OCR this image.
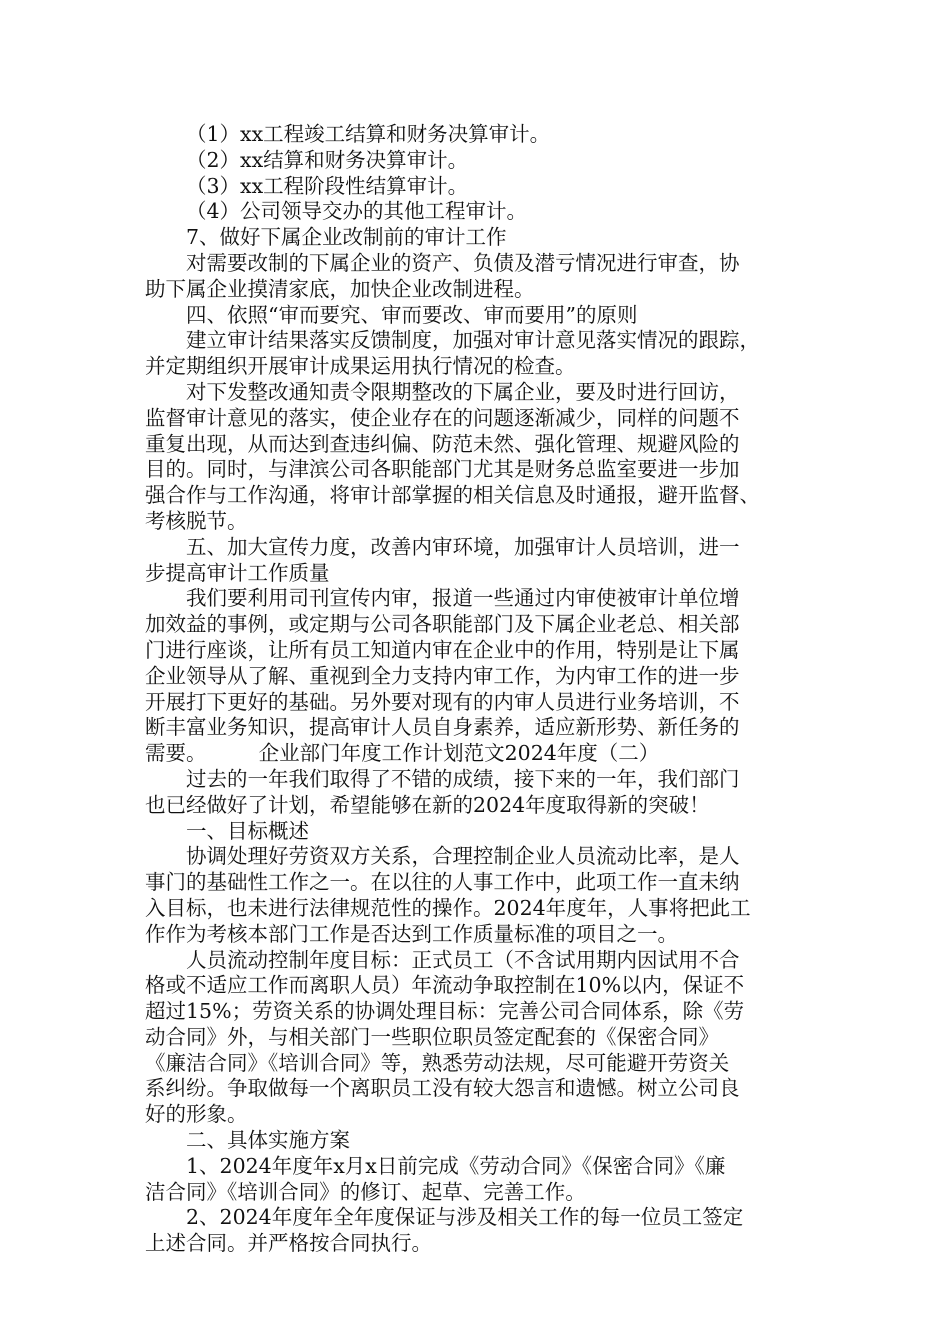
（1）xx工程竣工结算和财务决算审计。

（2）xx结算和财务决算审计。

（3）xx工程阶段性结算审计。

（4）公司领导交办的其他工程审计。

7、做好下属企业改制前的审计工作

对需要改制的下属企业的资产、负债及潜亏情况进行审查，协

助下属企业摸清家底，加快企业改制进程。

四、依照“审而要究、审而要改、审而要用”的原则

建立审计结果落实反馈制度，加强对审计意见落实情况的跟踪，

并定期组织开展审计成果运用执行情况的检查。

对下发整改通知责令限期整改的下属企业，要及时进行回访，

监督审计意见的落实，使企业存在的问题逐渐减少，同样的问题不

重复出现，从而达到查违纠偏、防范未然、强化管理、规避风险的

目的。同时，与津滨公司各职能部门尤其是财务总监室要进一步加

强合作与工作沟通，将审计部掌握的相关信息及时通报，避开监督、

考核脱节。

五、加大宣传力度，改善内审环境，加强审计人员培训，进一

步提高审计工作质量

我们要利用司刊宣传内审，报道一些通过内审使被审计单位增

加效益的事例，或定期与公司各职能部门及下属企业老总、相关部

门进行座谈，让所有员工知道内审在企业中的作用，特别是让下属

企业领导从了解、重视到全力支持内审工作，为内审工作的进一步

开展打下更好的基础。另外要对现有的内审人员进行业务培训，不

断丰富业务知识，提高审计人员自身素养，适应新形势、新任务的

需要。        企业部门年度工作计划范文2024年度（二）

过去的一年我们取得了不错的成绩，接下来的一年，我们部门

也已经做好了计划，希望能够在新的2024年度取得新的突破！

一、目标概述

协调处理好劳资双方关系，合理控制企业人员流动比率，是人

事门的基础性工作之一。在以往的人事工作中，此项工作一直未纳

入目标，也未进行法律规范性的操作。2024年度年，人事将把此工

作作为考核本部门工作是否达到工作质量标准的项目之一。

人员流动控制年度目标：正式员工（不含试用期内因试用不合

格或不适应工作而离职人员）年流动争取控制在10%以内，保证不

超过15%；劳资关系的协调处理目标：完善公司合同体系，除《劳

动合同》外，与相关部门一些职位职员签定配套的《保密合同》

《廉洁合同》《培训合同》等，熟悉劳动法规，尽可能避开劳资关

系纠纷。争取做每一个离职员工没有较大怨言和遗憾。树立公司良

好的形象。

二、具体实施方案

1、2024年度年x月x日前完成《劳动合同》《保密合同》《廉

洁合同》《培训合同》的修订、起草、完善工作。

2、2024年度年全年度保证与涉及相关工作的每一位员工签定

上述合同。并严格按合同执行。
